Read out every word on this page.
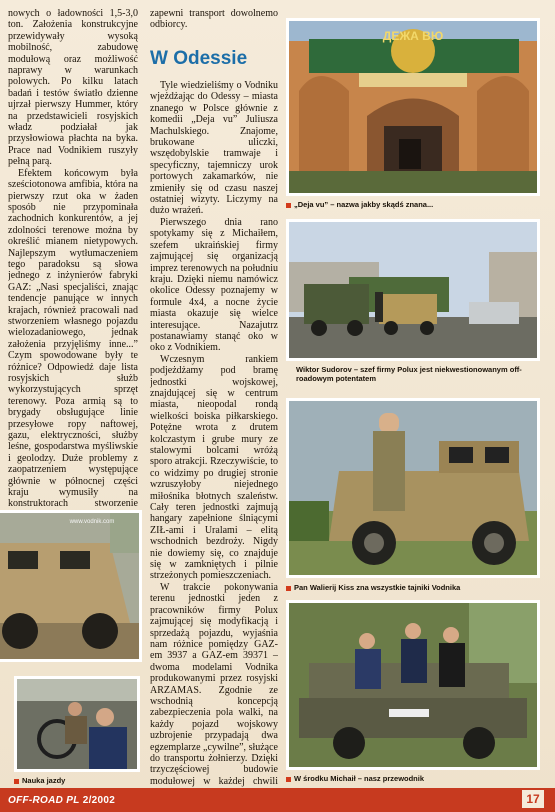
nowych o ładowności 1,5-3,0 ton. Założenia konstrukcyjne przewidywały wysoką mobilność, zabudowę modułową oraz możliwość naprawy w warunkach polowych. Po kilku latach badań i testów światło dzienne ujrzał pierwszy Hummer, który na przedstawicieli rosyjskich władz podziałał jak przysłowiowa płachta na byka. Prace nad Vodnikiem ruszyły pełną parą.

Efektem końcowym była sześciotonowa amfibia, która na pierwszy rzut oka w żaden sposób nie przypominała zachodnich konkurentów, a jej zdolności terenowe można by określić mianem nietypowych. Najlepszym wytłumaczeniem tego paradoksu są słowa jednego z inżynierów fabryki GAZ: „Nasi specjaliści, znając tendencje panujące w innych krajach, również pracowali nad stworzeniem własnego pojazdu wielozadaniowego, jednak założenia przyjęliśmy inne...” Czym spowodowane były te różnice? Odpowiedź daje lista rosyjskich służb wykorzystujących sprzęt terenowy. Poza armią są to brygady obsługujące linie przesyłowe ropy naftowej, gazu, elektryczności, służby leśne, gospodarstwa myśliwskie i geolodzy. Duże problemy z zaopatrzeniem występujące głównie w północnej części kraju wymusiły na konstruktorach stworzenie

zapewni transport dowolnemo odbiorcy.

W Odessie

Tyle wiedzieliśmy o Vodniku wjeżdżając do Odessy – miasta znanego w Polsce głównie z komedii „Deja vu” Juliusza Machulskiego. Znajome, brukowane uliczki, wszędobylskie tramwaje i specyficzny, tajemniczy urok portowych zakamarków, nie zmieniły się od czasu naszej ostatniej wizyty. Liczymy na dużo wrażeń.

Pierwszego dnia rano spotykamy się z Michaiłem, szefem ukraińskiej firmy zajmującej się organizacją imprez terenowych na południu kraju. Dzięki niemu namówicz okolice Odessy poznajemy w formule 4x4, a nocne życie miasta okazuje się wielce interesujące. Nazajutrz postanawiamy stanąć oko w oko z Vodnikiem.

Wczesnym rankiem podjeżdżamy pod bramę jednostki wojskowej, znajdującej się w centrum miasta, nieopodal rondą wielkości boiska piłkarskiego. Potężne wrota z drutem kolczastym i grube mury ze stalowymi bolcami wróżą sporo atrakcji. Rzeczywiście, to co widzimy po drugiej stronie wzruszyłoby niejednego miłośnika błotnych szaleństw. Cały teren jednostki zajmują hangary zapełnione ślniącymi ZIŁ-ami i Uralami – elitą wschodnich bezdroży. Nigdy nie dowiemy się, co znajduje się w zamkniętych i pilnie strzeżonych pomieszczeniach.

W trakcie pokonywania terenu jednostki jeden z pracowników firmy Polux zajmującej się modyfikacją i sprzedażą pojazdu, wyjaśnia nam różnice pomiędzy GAZ-em 3937 a GAZ-em 39371 – dwoma modelami Vodnika produkowanymi przez rosyjski ARZAMAS. Zgodnie ze wschodnią koncepcją zabezpieczenia pola walki, na każdy pojazd wojskowy uzbrojenie przypadają dwa egzemplarze „cywilne”, służące do transportu żołnierzy. Dzięki trzyczęściowej budowie modułowej w każdej chwili

ДЕЖА ВЮ
„Deja vu” – nazwa jakby skądś znana...
Wiktor Sudorov – szef firmy Polux jest niekwestionowanym off-roadowym potentatem
Pan Walierij Kiss zna wszystkie tajniki Vodnika
W środku Michaił – nasz przewodnik
www.vodnik.com
Nauka jazdy
OFF-ROAD PL 2/2002	17
